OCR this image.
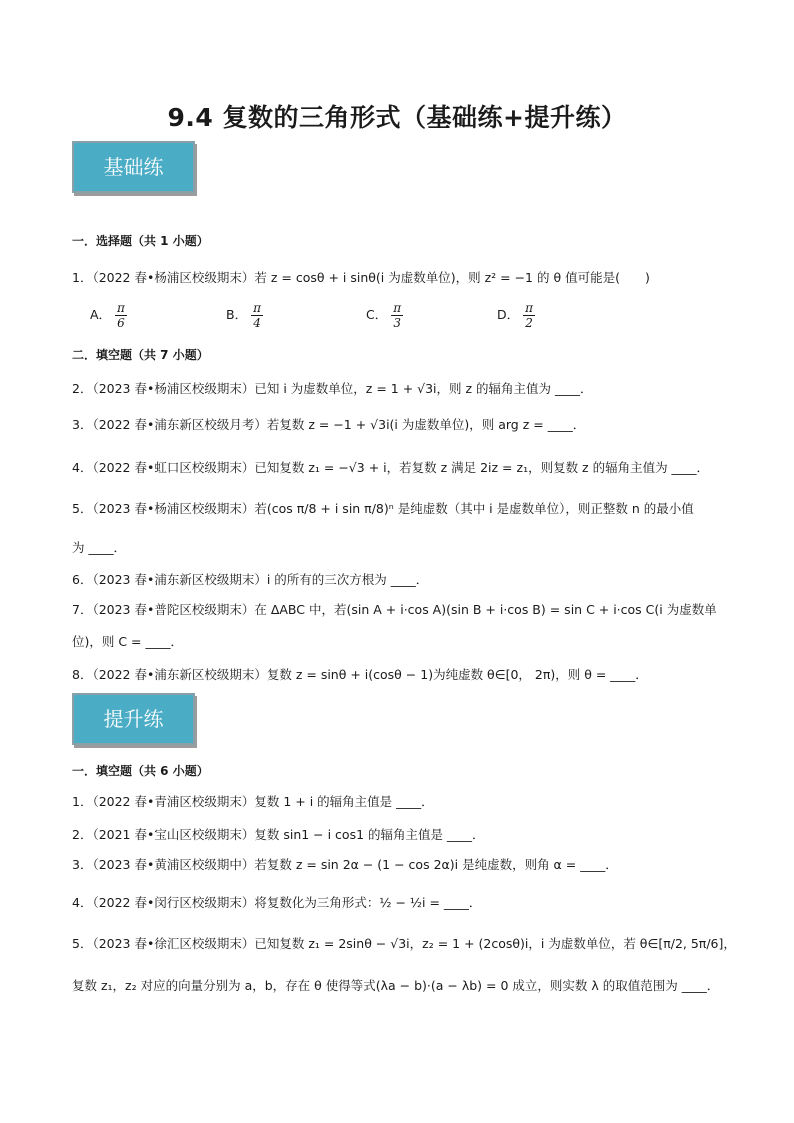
9.4 复数的三角形式（基础练+提升练）
基础练
一．选择题（共 1 小题）
1．（2022 春•杨浦区校级期末）若 z = cosθ + i sinθ(i 为虚数单位)，则 z² = −1 的 θ 值可能是(　　)
A． $\frac{\pi}{6}$	B． $\frac{\pi}{4}$	C． $\frac{\pi}{3}$	D． $\frac{\pi}{2}$
二．填空题（共 7 小题）
2．（2023 春•杨浦区校级期末）已知 i 为虚数单位，z = 1 + √3i，则 z 的辐角主值为 ____．
3．（2022 春•浦东新区校级月考）若复数 z = −1 + √3i(i 为虚数单位)，则 arg z = ____．
4．（2022 春•虹口区校级期末）已知复数 z₁ = −√3 + i，若复数 z 满足 2iz = z₁，则复数 z 的辐角主值为 ____．
5．（2023 春•杨浦区校级期末）若(cos π/8 + i sin π/8)ⁿ 是纯虚数（其中 i 是虚数单位），则正整数 n 的最小值
为 ____．
6．（2023 春•浦东新区校级期末）i 的所有的三次方根为 ____．
7．（2023 春•普陀区校级期末）在 ΔABC 中，若(sin A + i·cos A)(sin B + i·cos B) = sin C + i·cos C(i 为虚数单
位)，则 C = ____．
8．（2022 春•浦东新区校级期末）复数 z = sinθ + i(cosθ − 1)为纯虚数 θ∈[0， 2π)，则 θ = ____．
提升练
一．填空题（共 6 小题）
1．（2022 春•青浦区校级期末）复数 1 + i 的辐角主值是 ____．
2．（2021 春•宝山区校级期末）复数 sin1 − i cos1 的辐角主值是 ____．
3．（2023 春•黄浦区校级期中）若复数 z = sin 2α − (1 − cos 2α)i 是纯虚数，则角 α = ____．
4．（2022 春•闵行区校级期末）将复数化为三角形式：½ − ½i = ____．
5．（2023 春•徐汇区校级期末）已知复数 z₁ = 2sinθ − √3i，z₂ = 1 + (2cosθ)i，i 为虚数单位，若 θ∈[π/2, 5π/6]，
复数 z₁，z₂ 对应的向量分别为 a，b，存在 θ 使得等式(λa − b)·(a − λb) = 0 成立，则实数 λ 的取值范围为 ____．
